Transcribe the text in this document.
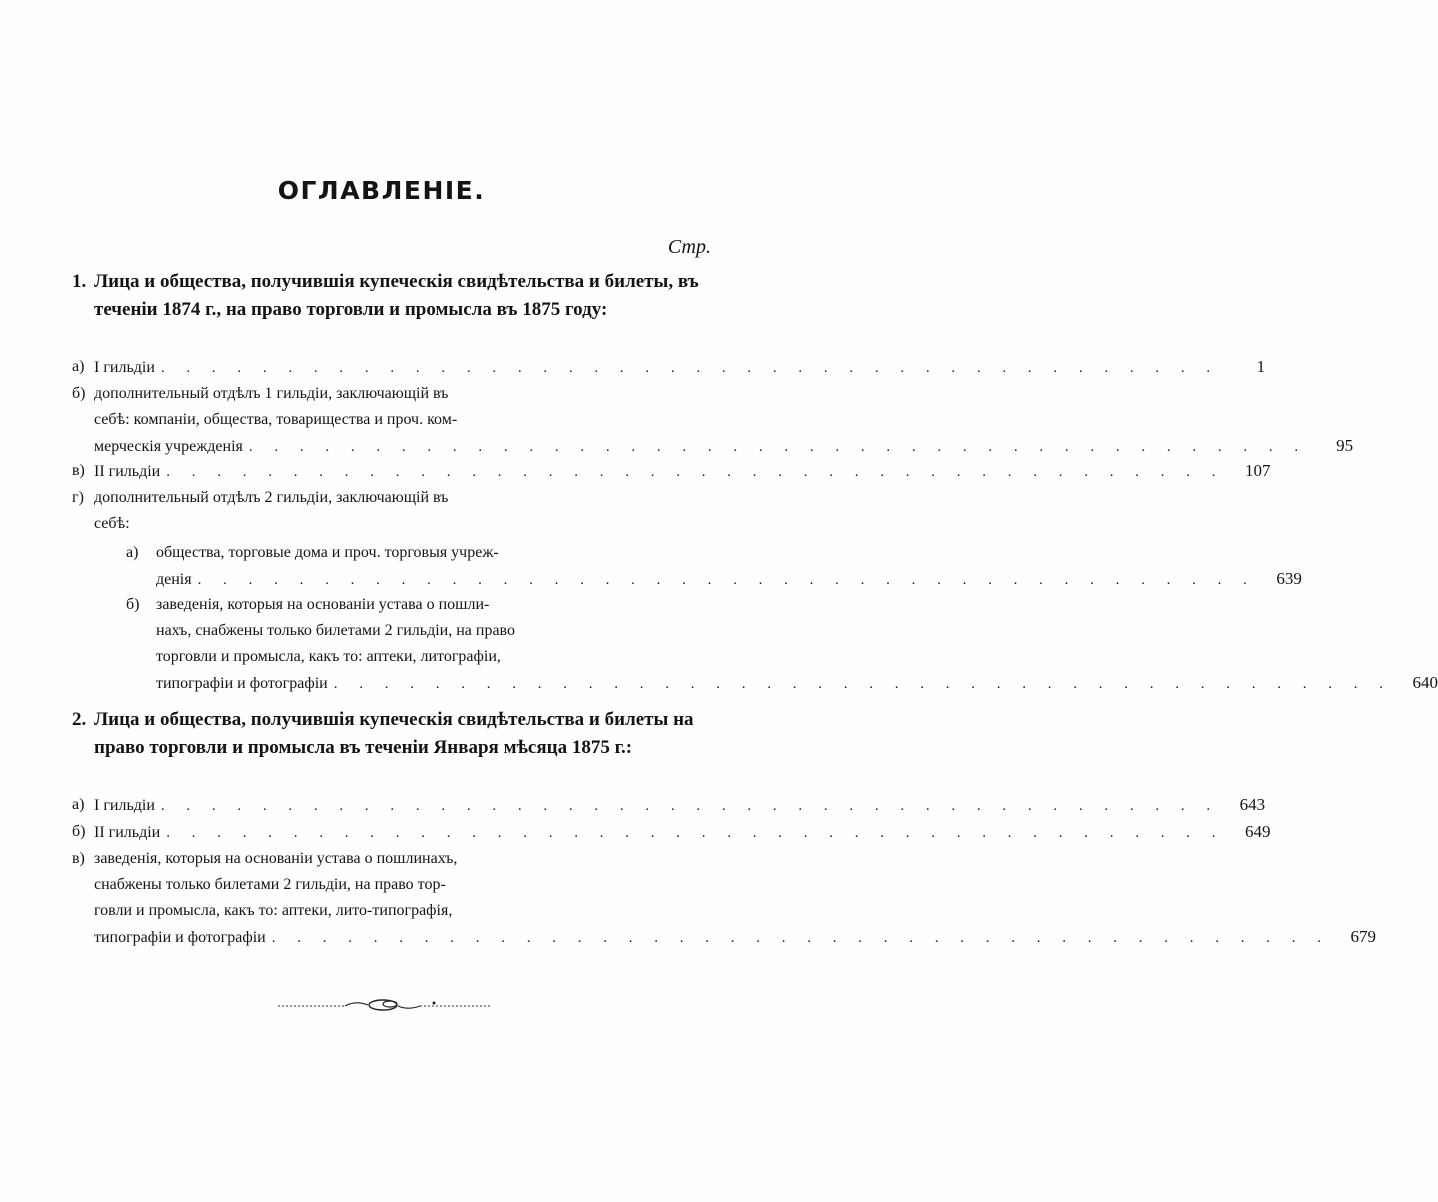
ОГЛАВЛЕНIЕ.
Стр.
1. Лица и общества, получившiя купеческiя свидѣтельства и билеты, въ теченiи 1874 г., на право торговли и промысла въ 1875 году:
а) I гильдiи . . . . . . . . . . . . . . . . . . . . . . . . . . . . . . . . . . . . . . . . . .	1
б) дополнительный отдѣлъ 1 гильдiи, заключающiй въ
себѣ: компанiи, общества, товарищества и проч. ком-
мерческiя учрежденiя . . . . . . . . . . . . . . . . . . . . . . . . . . . . . . . . . . . . . . . . . .	95
в) II гильдiи . . . . . . . . . . . . . . . . . . . . . . . . . . . . . . . . . . . . . . . . . .	107
г) дополнительный отдѣлъ 2 гильдiи, заключающiй въ
себѣ:
а)	общества, торговые дома и проч. торговыя учреж-
денiя . . . . . . . . . . . . . . . . . . . . . . . . . . . . . . . . . . . . . . . . . .	639
б)	заведенiя, которыя на основанiи устава о пошли-
нахъ, снабжены только билетами 2 гильдiи, на право
торговли и промысла, какъ то: аптеки, литографiи,
типографiи и фотографiи . . . . . . . . . . . . . . . . . . . . . . . . . . . . . . . . . . . . . . . . . .	640
2. Лица и общества, получившiя купеческiя свидѣтельства и билеты на право торговли и промысла въ теченiи Января мѣсяца 1875 г.:
а) I гильдiи . . . . . . . . . . . . . . . . . . . . . . . . . . . . . . . . . . . . . . . . . .	643
б) II гильдiи . . . . . . . . . . . . . . . . . . . . . . . . . . . . . . . . . . . . . . . . . .	649
в) заведенiя, которыя на основанiи устава о пошлинахъ,
снабжены только билетами 2 гильдiи, на право тор-
говли и промысла, какъ то: аптеки, лито-типографiя,
типографiи и фотографiи . . . . . . . . . . . . . . . . . . . . . . . . . . . . . . . . . . . . . . . . . .	679
